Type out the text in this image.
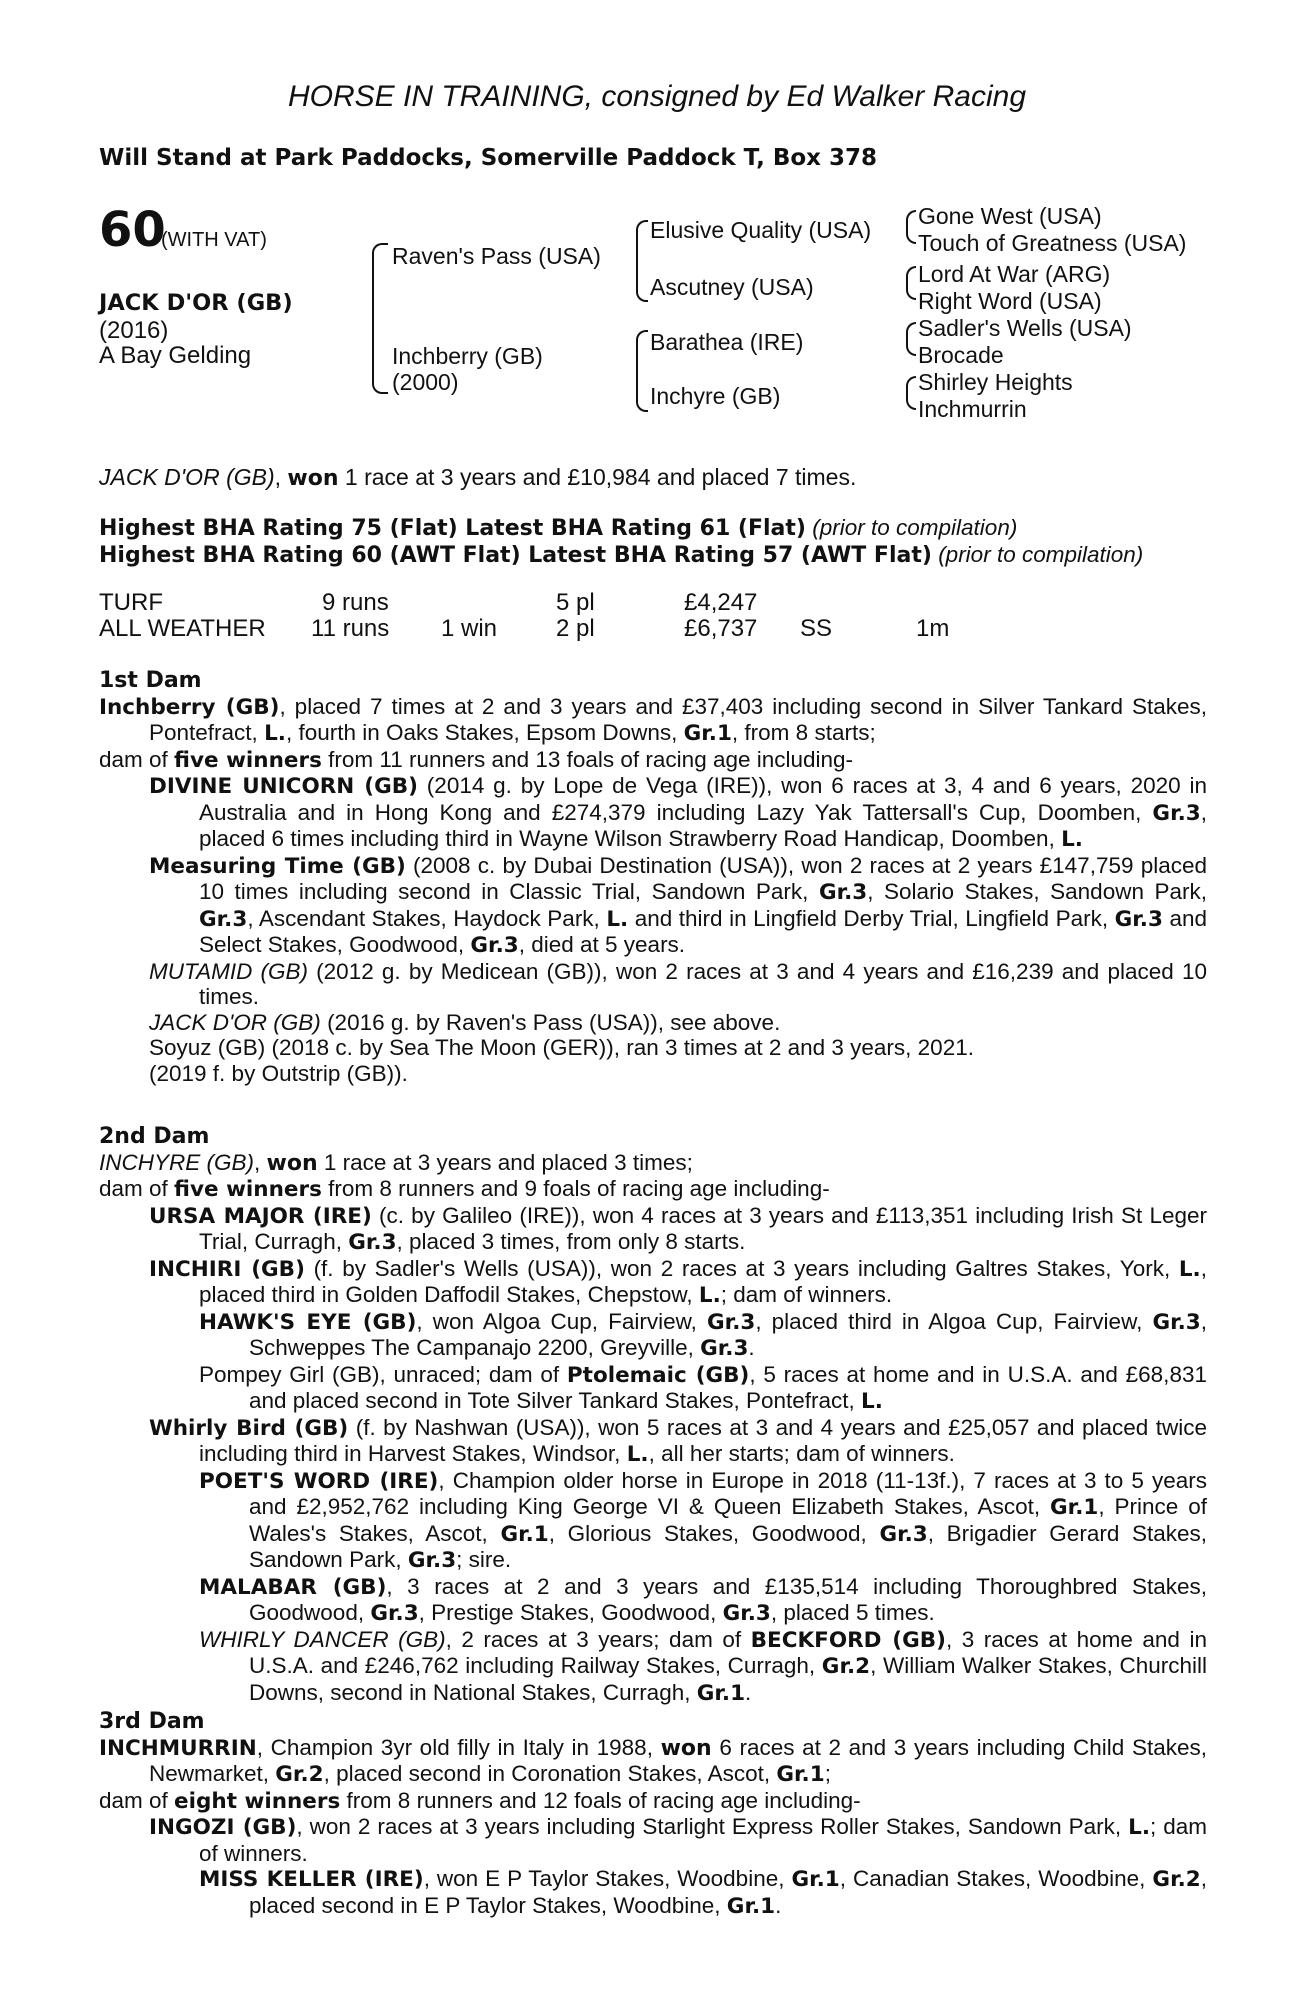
HORSE IN TRAINING, consigned by Ed Walker Racing
Will Stand at Park Paddocks, Somerville Paddock T, Box 378
60
(WITH VAT)
JACK D'OR (GB)
(2016)
A Bay Gelding
Raven's Pass (USA)
Inchberry (GB)
(2000)
Elusive Quality (USA)
Ascutney (USA)
Barathea (IRE)
Inchyre (GB)
Gone West (USA)
Touch of Greatness (USA)
Lord At War (ARG)
Right Word (USA)
Sadler's Wells (USA)
Brocade
Shirley Heights
Inchmurrin
JACK D'OR (GB), won 1 race at 3 years and £10,984 and placed 7 times.

Highest BHA Rating 75 (Flat) Latest BHA Rating 61 (Flat) (prior to compilation)

Highest BHA Rating 60 (AWT Flat) Latest BHA Rating 57 (AWT Flat) (prior to compilation)

TURF	9 runs	5 pl	£4,247
ALL WEATHER 11 runs 1 win 2 pl	£6,737 SS	1m

1st Dam

Inchberry (GB), placed 7 times at 2 and 3 years and £37,403 including second in Silver Tankard Stakes, Pontefract, L., fourth in Oaks Stakes, Epsom Downs, Gr.1, from 8 starts;

dam of five winners from 11 runners and 13 foals of racing age including-

DIVINE UNICORN (GB) (2014 g. by Lope de Vega (IRE)), won 6 races at 3, 4 and 6 years, 2020 in Australia and in Hong Kong and £274,379 including Lazy Yak Tattersall's Cup, Doomben, Gr.3, placed 6 times including third in Wayne Wilson Strawberry Road Handicap, Doomben, L.

Measuring Time (GB) (2008 c. by Dubai Destination (USA)), won 2 races at 2 years £147,759 placed 10 times including second in Classic Trial, Sandown Park, Gr.3, Solario Stakes, Sandown Park, Gr.3, Ascendant Stakes, Haydock Park, L. and third in Lingfield Derby Trial, Lingfield Park, Gr.3 and Select Stakes, Goodwood, Gr.3, died at 5 years.

MUTAMID (GB) (2012 g. by Medicean (GB)), won 2 races at 3 and 4 years and £16,239 and placed 10 times.

JACK D'OR (GB) (2016 g. by Raven's Pass (USA)), see above.

Soyuz (GB) (2018 c. by Sea The Moon (GER)), ran 3 times at 2 and 3 years, 2021.

(2019 f. by Outstrip (GB)).

2nd Dam

INCHYRE (GB), won 1 race at 3 years and placed 3 times;

dam of five winners from 8 runners and 9 foals of racing age including-

URSA MAJOR (IRE) (c. by Galileo (IRE)), won 4 races at 3 years and £113,351 including Irish St Leger Trial, Curragh, Gr.3, placed 3 times, from only 8 starts.

INCHIRI (GB) (f. by Sadler's Wells (USA)), won 2 races at 3 years including Galtres Stakes, York, L., placed third in Golden Daffodil Stakes, Chepstow, L.; dam of winners.

HAWK'S EYE (GB), won Algoa Cup, Fairview, Gr.3, placed third in Algoa Cup, Fairview, Gr.3, Schweppes The Campanajo 2200, Greyville, Gr.3.

Pompey Girl (GB), unraced; dam of Ptolemaic (GB), 5 races at home and in U.S.A. and £68,831 and placed second in Tote Silver Tankard Stakes, Pontefract, L.

Whirly Bird (GB) (f. by Nashwan (USA)), won 5 races at 3 and 4 years and £25,057 and placed twice including third in Harvest Stakes, Windsor, L., all her starts; dam of winners.

POET'S WORD (IRE), Champion older horse in Europe in 2018 (11-13f.), 7 races at 3 to 5 years and £2,952,762 including King George VI & Queen Elizabeth Stakes, Ascot, Gr.1, Prince of Wales's Stakes, Ascot, Gr.1, Glorious Stakes, Goodwood, Gr.3, Brigadier Gerard Stakes, Sandown Park, Gr.3; sire.

MALABAR (GB), 3 races at 2 and 3 years and £135,514 including Thoroughbred Stakes, Goodwood, Gr.3, Prestige Stakes, Goodwood, Gr.3, placed 5 times.

WHIRLY DANCER (GB), 2 races at 3 years; dam of BECKFORD (GB), 3 races at home and in U.S.A. and £246,762 including Railway Stakes, Curragh, Gr.2, William Walker Stakes, Churchill Downs, second in National Stakes, Curragh, Gr.1.

3rd Dam

INCHMURRIN, Champion 3yr old filly in Italy in 1988, won 6 races at 2 and 3 years including Child Stakes, Newmarket, Gr.2, placed second in Coronation Stakes, Ascot, Gr.1;

dam of eight winners from 8 runners and 12 foals of racing age including-

INGOZI (GB), won 2 races at 3 years including Starlight Express Roller Stakes, Sandown Park, L.; dam of winners.

MISS KELLER (IRE), won E P Taylor Stakes, Woodbine, Gr.1, Canadian Stakes, Woodbine, Gr.2, placed second in E P Taylor Stakes, Woodbine, Gr.1.
